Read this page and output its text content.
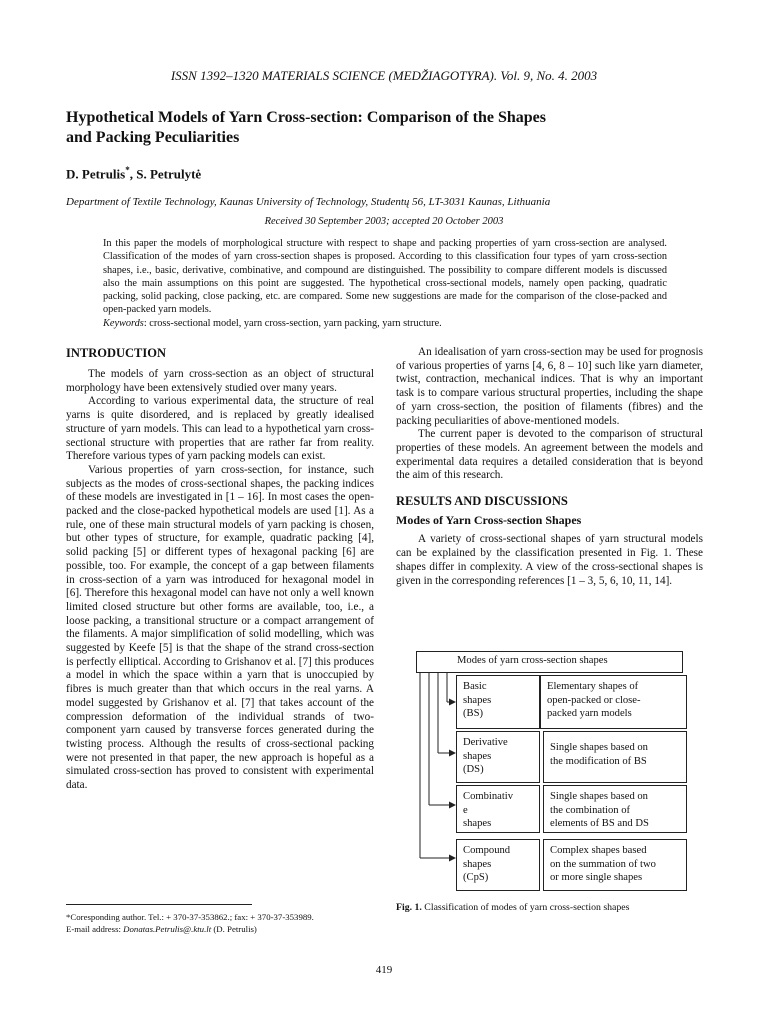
ISSN 1392–1320 MATERIALS SCIENCE (MEDŽIAGOTYRA). Vol. 9, No. 4. 2003
Hypothetical Models of Yarn Cross-section: Comparison of the Shapes
and Packing Peculiarities
D. Petrulis*, S. Petrulytė
Department of Textile Technology, Kaunas University of Technology, Studentų 56, LT-3031 Kaunas, Lithuania
Received 30 September 2003; accepted 20 October 2003

In this paper the models of morphological structure with respect to shape and packing properties of yarn cross-section are analysed. Classification of the modes of yarn cross-section shapes is proposed. According to this classification four types of yarn cross-section shapes, i.e., basic, derivative, combinative, and compound are distinguished. The possibility to compare different models is discussed also the main assumptions on this point are suggested. The hypothetical cross-sectional models, namely open packing, quadratic packing, solid packing, close packing, etc. are compared. Some new suggestions are made for the comparison of the close-packed and open-packed yarn models.

Keywords: cross-sectional model, yarn cross-section, yarn packing, yarn structure.

INTRODUCTION

The models of yarn cross-section as an object of structural morphology have been extensively studied over many years.

According to various experimental data, the structure of real yarns is quite disordered, and is replaced by greatly idealised structure of yarn models. This can lead to a hypothetical yarn cross-sectional structure with properties that are rather far from reality. Therefore various types of yarn packing models can exist.

Various properties of yarn cross-section, for instance, such subjects as the modes of cross-sectional shapes, the packing indices of these models are investigated in [1 – 16]. In most cases the open-packed and the close-packed hypothetical models are used [1]. As a rule, one of these main structural models of yarn packing is chosen, but other types of structure, for example, quadratic packing [4], solid packing [5] or different types of hexagonal packing [6] are possible, too. For example, the concept of a gap between filaments in cross-section of a yarn was introduced for hexagonal model in [6]. Therefore this hexagonal model can have not only a well known limited closed structure but other forms are available, too, i.e., a loose packing, a transitional structure or a compact arrangement of the filaments. A major simplification of solid modelling, which was suggested by Keefe [5] is that the shape of the strand cross-section is perfectly elliptical. According to Grishanov et al. [7] this produces a model in which the space within a yarn that is unoccupied by fibres is much greater than that which occurs in the real yarns. A model suggested by Grishanov et al. [7] that takes account of the compression deformation of the individual strands of two-component yarn caused by transverse forces generated during the twisting process. Although the results of cross-sectional packing were not presented in that paper, the new approach is hopeful as a simulated cross-section has proved to consistent with experimental data.

An idealisation of yarn cross-section may be used for prognosis of various properties of yarns [4, 6, 8 – 10] such like yarn diameter, twist, contraction, mechanical indices. That is why an important task is to compare various structural properties, including the shape of yarn cross-section, the position of filaments (fibres) and the packing peculiarities of above-mentioned models.

The current paper is devoted to the comparison of structural properties of these models. An agreement between the models and experimental data requires a detailed consideration that is beyond the aim of this research.

RESULTS AND DISCUSSIONS
Modes of Yarn Cross-section Shapes

A variety of cross-sectional shapes of yarn structural models can be explained by the classification presented in Fig. 1. These shapes differ in complexity. A view of the cross-sectional shapes is given in the corresponding references [1 – 3, 5, 6, 10, 11, 14].

Modes of yarn cross-section shapes
Basic
shapes
(BS)
Elementary shapes of
open-packed or close-
packed yarn models
Derivative
shapes
(DS)
Single shapes based on
the modification of BS
Combinativ
e
shapes
Single shapes based on
the combination of
elements of BS and DS
Compound
shapes
(CpS)
Complex shapes based
on the summation of two
or more single shapes
Fig. 1. Classification of modes of yarn cross-section shapes
*Coresponding author. Tel.: + 370-37-353862.; fax: + 370-37-353989.
E-mail address: Donatas.Petrulis@.ktu.lt (D. Petrulis)
419
